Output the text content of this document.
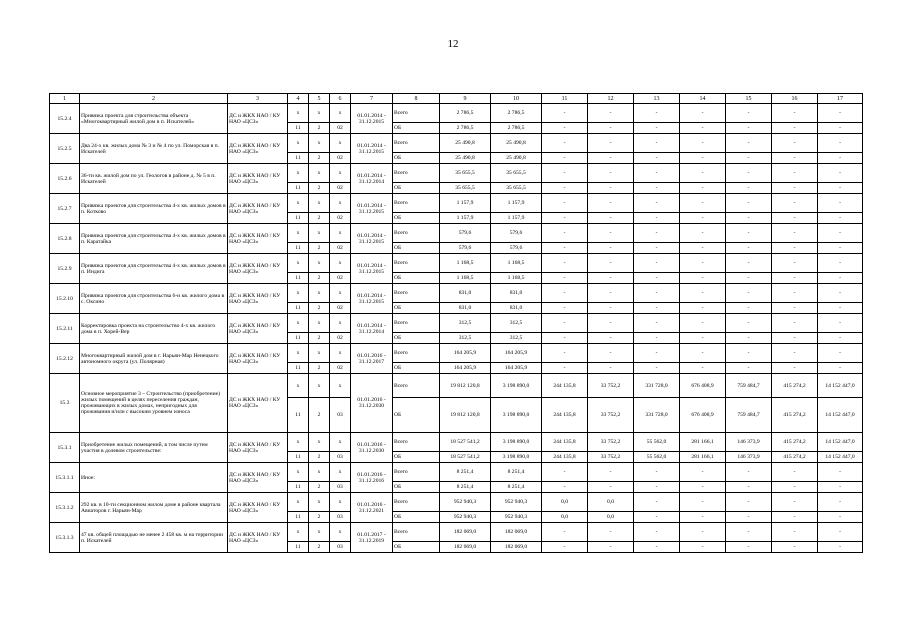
12
1	2	3	4	5	6	7	8	9	10	11	12	13	14	15	16	17
15.2.4	Привязка проекта для строительства объекта «Многоквартирный жилой дом в п. Искателей»	ДС и ЖКХ НАО / КУ НАО «ЦСЗ»	x	x	x	01.01.2014 - 31.12.2015	Всего	2 786,5	2 786,5	-	-	-	-	-	-	-
			11	2	02		ОБ	2 786,5	2 786,5	-	-	-	-	-	-	-
15.2.5	Два 24-х кв. жилых дома № 3 и № 4 по ул. Поморская в п. Искателей	ДС и ЖКХ НАО / КУ НАО «ЦСЗ»	x	x	x	01.01.2014 - 31.12.2015	Всего	25 490,8	25 490,8	-	-	-	-	-	-	-
			11	2	02		ОБ	25 490,8	25 490,8	-	-	-	-	-	-	-
15.2.6	36-ти кв. жилой дом по ул. Геологов в районе д. № 5 в п. Искателей	ДС и ЖКХ НАО / КУ НАО «ЦСЗ»	x	x	x	01.01.2014 - 31.12.2014	Всего	35 655,5	35 655,5	-	-	-	-	-	-	-
			11	2	02		ОБ	35 655,5	35 655,5	-	-	-	-	-	-	-
15.2.7	Привязка проектов для строительства 4-х кв. жилых домов в п. Котково	ДС и ЖКХ НАО / КУ НАО «ЦСЗ»	x	x	x	01.01.2014 - 31.12.2015	Всего	1 157,9	1 157,9	-	-	-	-	-	-	-
			11	2	02		ОБ	1 157,9	1 157,9	-	-	-	-	-	-	-
15.2.8	Привязка проектов для строительства 4-х кв. жилых домов в п. Каратайка	ДС и ЖКХ НАО / КУ НАО «ЦСЗ»	x	x	x	01.01.2014 - 31.12.2015	Всего	579,6	579,6	-	-	-	-	-	-	-
			11	2	02		ОБ	579,6	579,6	-	-	-	-	-	-	-
15.2.9	Привязка проектов для строительства 4-х кв. жилых домов в п. Индига	ДС и ЖКХ НАО / КУ НАО «ЦСЗ»	x	x	x	01.01.2014 - 31.12.2015	Всего	1 168,5	1 168,5	-	-	-	-	-	-	-
			11	2	02		ОБ	1 168,5	1 168,5	-	-	-	-	-	-	-
15.2.10	Привязка проектов для строительства 6-и кв. жилого дома в с. Оксино	ДС и ЖКХ НАО / КУ НАО «ЦСЗ»	x	x	x	01.01.2014 - 31.12.2015	Всего	831,0	831,0	-	-	-	-	-	-	-
			11	2	02		ОБ	831,0	831,0	-	-	-	-	-	-	-
15.2.11	Корректировка проекта на строительство 4-х кв. жилого дома в п. Хорей-Вер	ДС и ЖКХ НАО / КУ НАО «ЦСЗ»	x	x	x	01.01.2014 - 31.12.2014	Всего	312,5	312,5	-	-	-	-	-	-	-
			11	2	02		ОБ	312,5	312,5	-	-	-	-	-	-	-
15.2.12	Многоквартирный жилой дом в г. Нарьян-Мар Ненецкого автономного округа (ул. Полярная)	ДС и ЖКХ НАО / КУ НАО «ЦСЗ»	x	x	x	01.01.2016 - 31.12.2017	Всего	164 205,9	164 205,9	-	-	-	-	-	-	-
			11	2	02		ОБ	164 205,9	164 205,9	-	-	-	-	-	-	-
15.3	Основное мероприятие 3 – Строительство (приобретение) жилых помещений в целях переселения граждан, проживающих в жилых домах, непригодных для проживания и/или с высоким уровнем износа	ДС и ЖКХ НАО / КУ НАО «ЦСЗ»	x	x	x	01.01.2016 - 31.12.2030	Всего	19 812 120,8	3 198 890,0	244 135,8	33 752,2	331 728,0	676 408,9	759 484,7	415 274,2	14 152 447,0
			11	2	03		ОБ	19 812 120,8	3 198 890,0	244 135,8	33 752,2	331 728,0	676 408,9	759 484,7	415 274,2	14 152 447,0
15.3.1	Приобретение жилых помещений, в том числе путем участия в долевом строительстве:	ДС и ЖКХ НАО / КУ НАО «ЦСЗ»	x	x	x	01.01.2016 - 31.12.2030	Всего	18 527 541,2	3 198 890,0	244 135,8	33 752,2	55 562,0	281 166,1	146 373,9	415 274,2	14 152 447,0
			11	2	03		ОБ	18 527 541,2	3 198 890,0	244 135,8	33 752,2	55 562,0	281 166,1	146 373,9	415 274,2	14 152 447,0
15.3.1.1	Иное:	ДС и ЖКХ НАО / КУ НАО «ЦСЗ»	x	x	x	01.01.2016 - 31.12.2016	Всего	8 251,4	8 251,4	-	-	-	-	-	-	-
			11	2	03		ОБ	8 251,4	8 251,4	-	-	-	-	-	-	-
15.3.1.2	292 кв. в 10-ти секционном жилом доме в районе квартала Авиаторов г. Нарьян-Мар	ДС и ЖКХ НАО / КУ НАО «ЦСЗ»	x	x	x	01.01.2016 - 31.12.2021	Всего	952 940,3	952 940,3	0,0	0,0	-	-	-	-	-
			11	2	03		ОБ	952 940,3	952 940,3	0,0	0,0	-	-	-	-	-
15.3.1.3	47 кв. общей площадью не менее 2 458 кв. м на территории п. Искателей	ДС и ЖКХ НАО / КУ НАО «ЦСЗ»	x	x	x	01.01.2017 - 31.12.2019	Всего	182 069,0	182 069,0	-	-	-	-	-	-	-
			11	2	03		ОБ	182 069,0	182 069,0	-	-	-	-	-	-	-
